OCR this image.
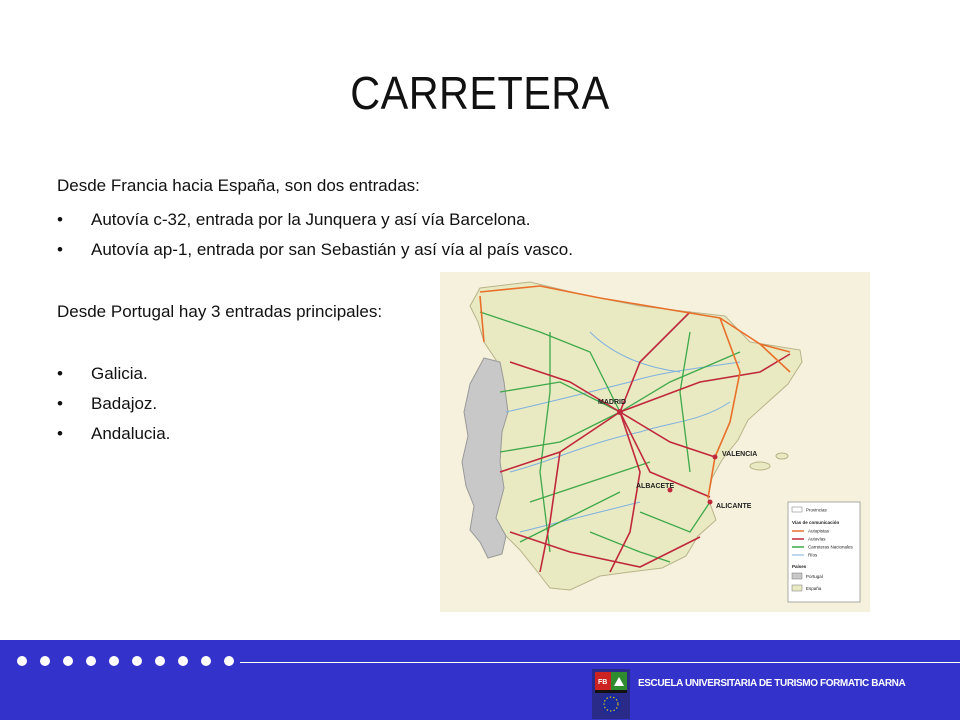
CARRETERA
Desde Francia hacia España, son dos entradas:
• Autovía c-32, entrada por la Junquera y así vía Barcelona.
• Autovía ap-1, entrada por san Sebastián y así vía al país vasco.
Desde Portugal hay 3 entradas principales:
• Galicia.
• Badajoz.
• Andalucia.
MADRID
VALENCIA
ALBACETE
ALICANTE	Provincias
Vías de comunicación
Autopistas
Autovías
Carreteras Nacionales
Ríos
Países
Portugal
España
FB	ESCUELA UNIVERSITARIA DE TURISMO FORMATIC BARNA
